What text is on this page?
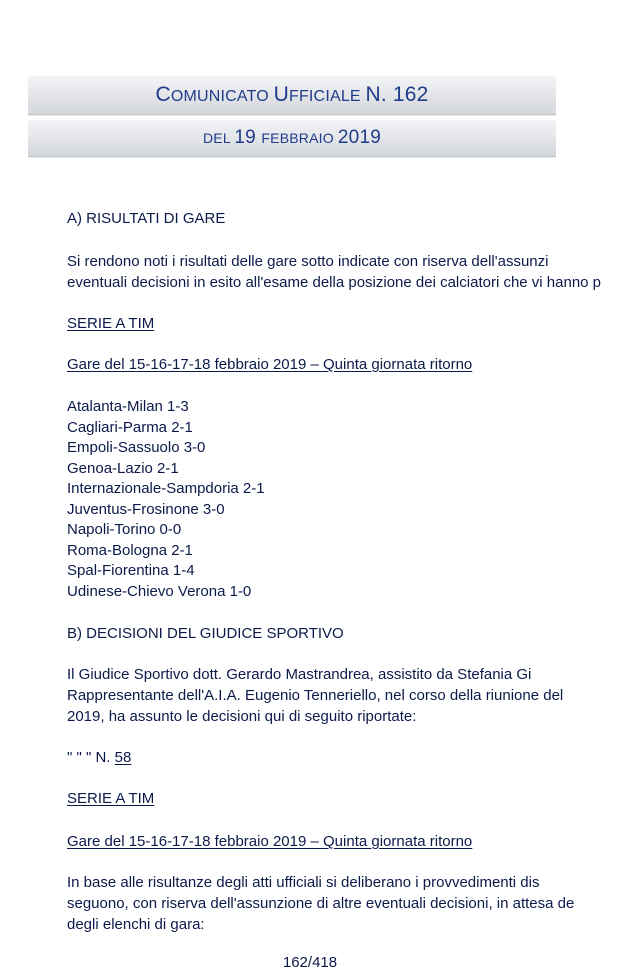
COMUNICATO UFFICIALE N. 162
DEL 19 FEBBRAIO 2019
A) RISULTATI DI GARE
Si rendono noti i risultati delle gare sotto indicate con riserva dell'assunzi
eventuali decisioni in esito all'esame della posizione dei calciatori che vi hanno p
SERIE A TIM
Gare del 15-16-17-18 febbraio 2019 – Quinta giornata ritorno
Atalanta-Milan 1-3
Cagliari-Parma 2-1
Empoli-Sassuolo 3-0
Genoa-Lazio 2-1
Internazionale-Sampdoria 2-1
Juventus-Frosinone 3-0
Napoli-Torino 0-0
Roma-Bologna 2-1
Spal-Fiorentina 1-4
Udinese-Chievo Verona 1-0
B) DECISIONI DEL GIUDICE SPORTIVO
Il Giudice Sportivo dott. Gerardo Mastrandrea, assistito da Stefania Gi
Rappresentante dell'A.I.A. Eugenio Tenneriello, nel corso della riunione del
2019, ha assunto le decisioni qui di seguito riportate:
" " " N. 58
SERIE A TIM
Gare del 15-16-17-18 febbraio 2019 – Quinta giornata ritorno
In base alle risultanze degli atti ufficiali si deliberano i provvedimenti dis
seguono, con riserva dell'assunzione di altre eventuali decisioni, in attesa de
degli elenchi di gara:
162/418
